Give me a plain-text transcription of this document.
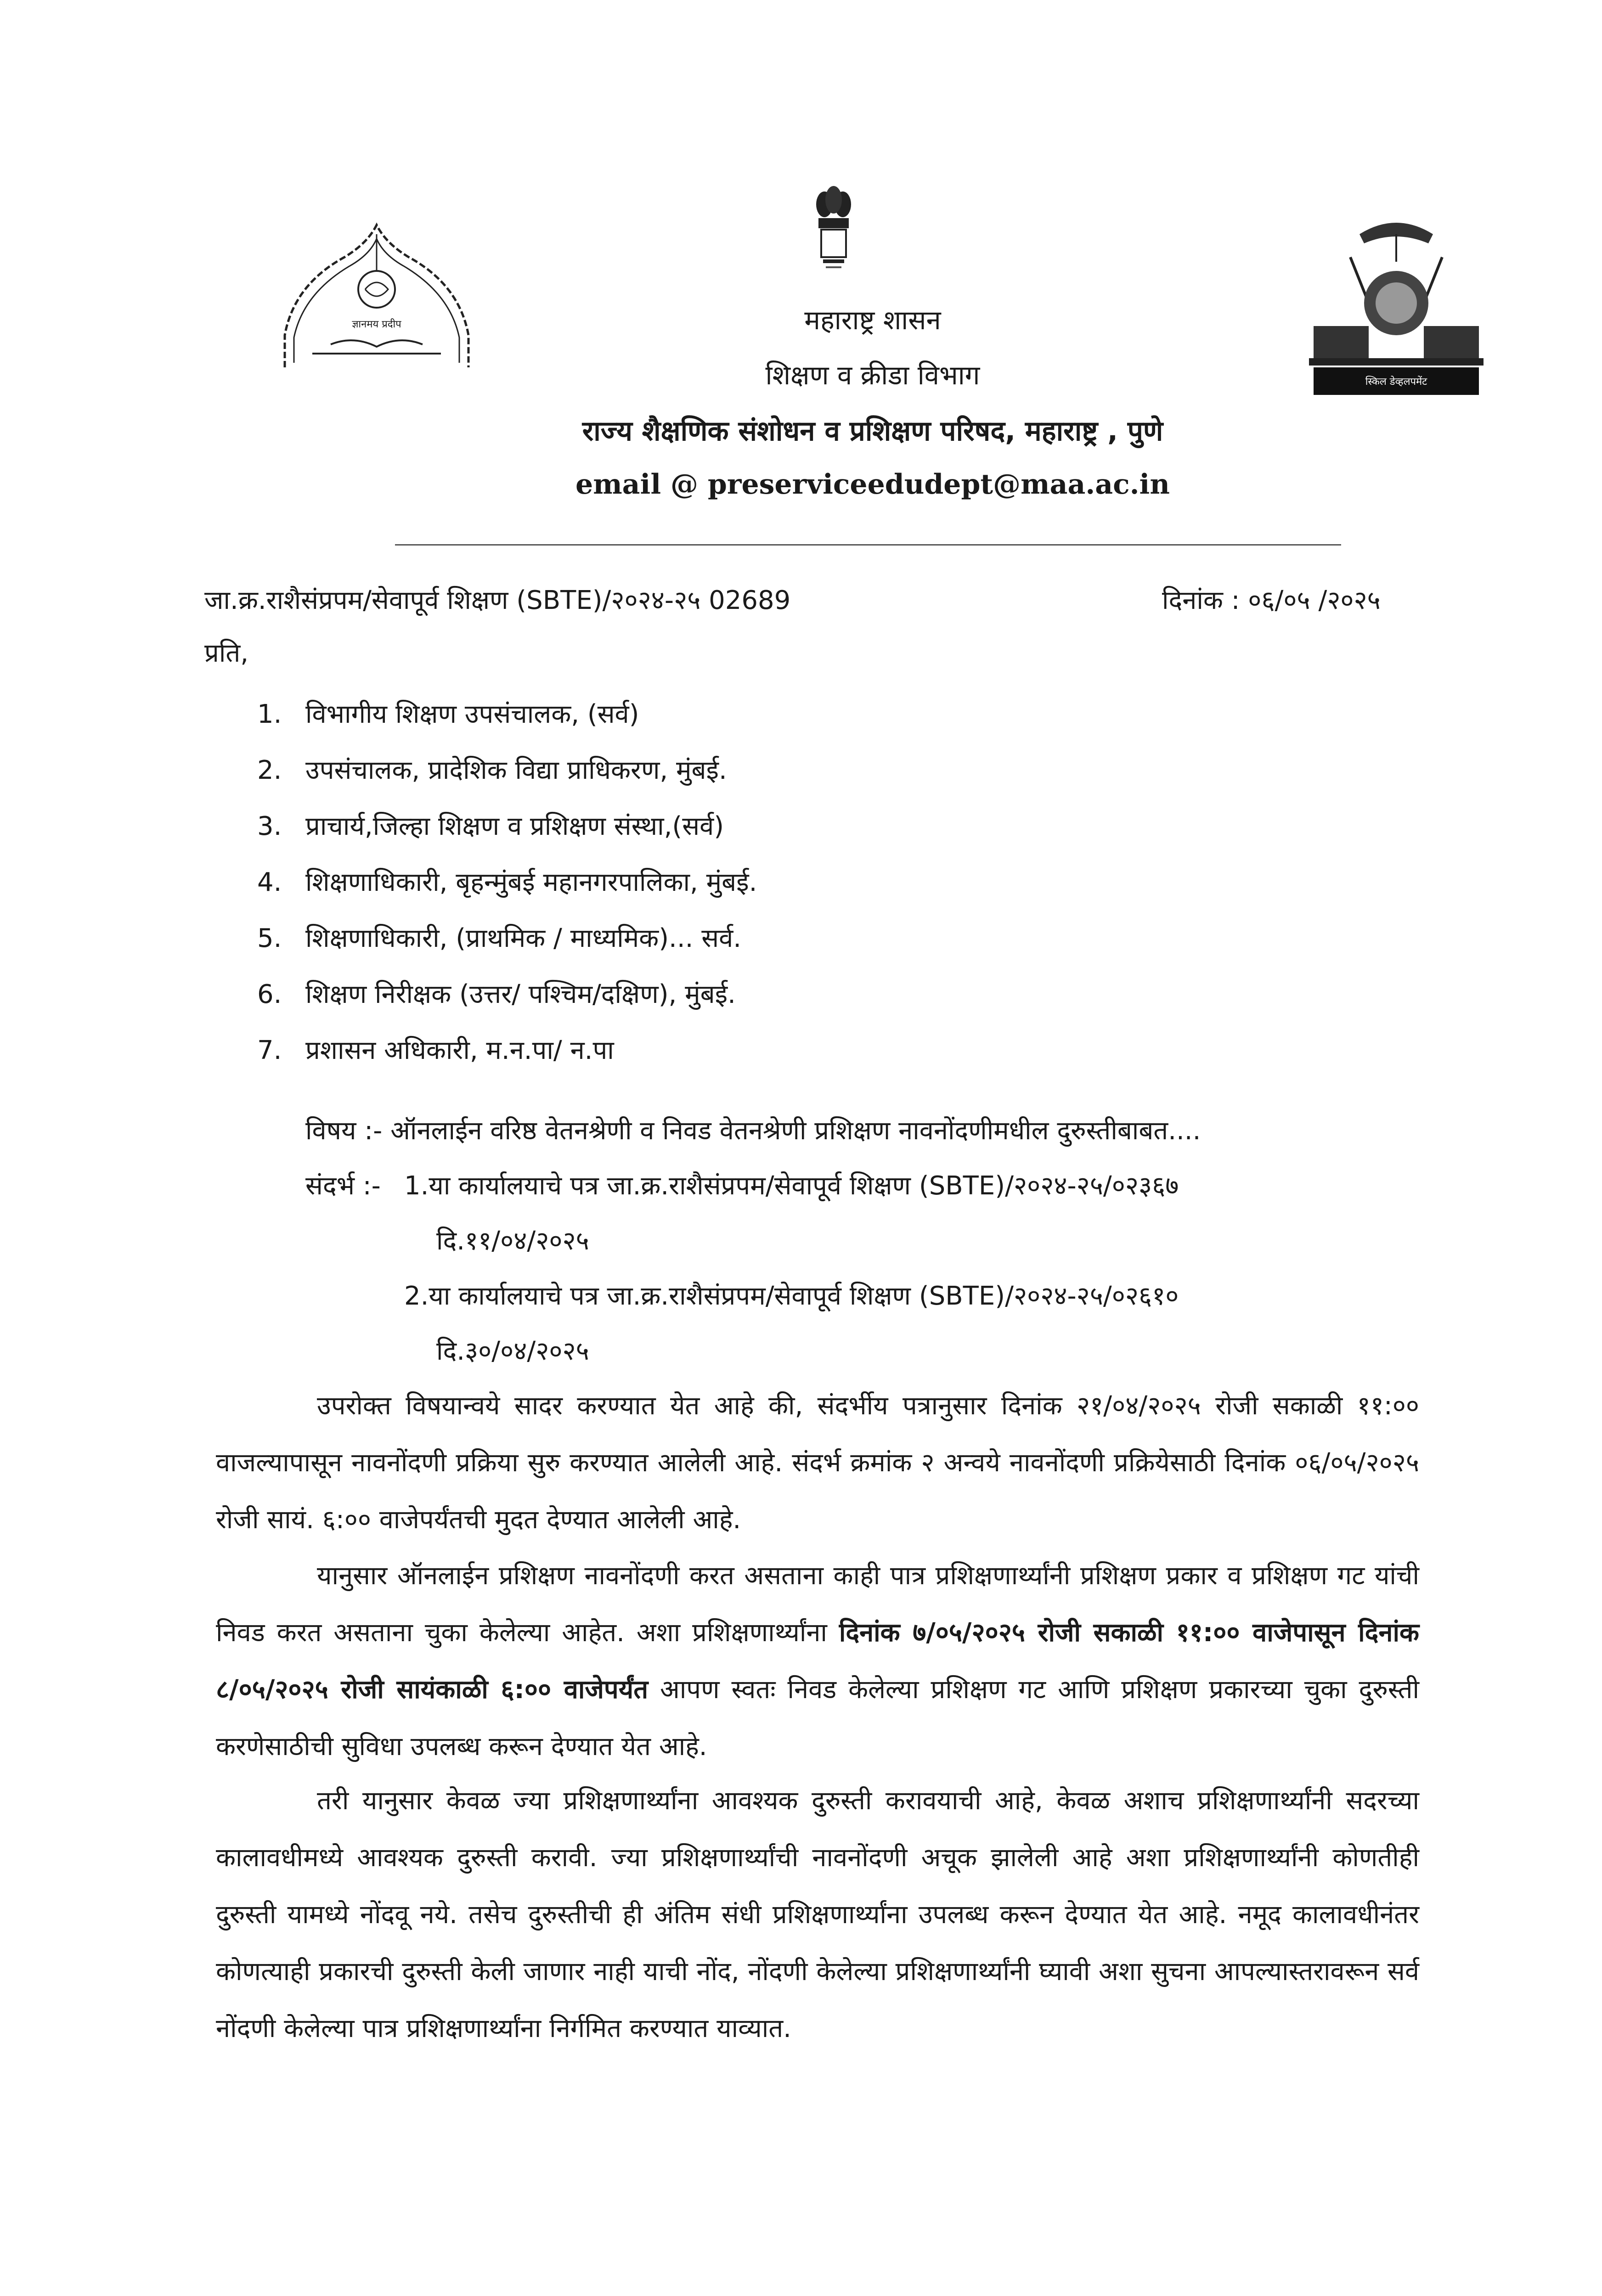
ज्ञानमय प्रदीप
स्किल डेव्हलपमेंट
महाराष्ट्र शासन
शिक्षण व क्रीडा विभाग
राज्य शैक्षणिक संशोधन व प्रशिक्षण परिषद, महाराष्ट्र , पुणे
email @ preserviceedudept@maa.ac.in
जा.क्र.राशैसंप्रपम/सेवापूर्व शिक्षण (SBTE)/२०२४-२५ 02689	दिनांक : ०६/०५ /२०२५
प्रति,
1. विभागीय शिक्षण उपसंचालक, (सर्व)
2. उपसंचालक, प्रादेशिक विद्या प्राधिकरण, मुंबई.
3. प्राचार्य,जिल्हा शिक्षण व प्रशिक्षण संस्था,(सर्व)
4. शिक्षणाधिकारी, बृहन्मुंबई महानगरपालिका, मुंबई.
5. शिक्षणाधिकारी, (प्राथमिक / माध्यमिक)... सर्व.
6. शिक्षण निरीक्षक (उत्तर/ पश्चिम/दक्षिण), मुंबई.
7. प्रशासन अधिकारी, म.न.पा/ न.पा
विषय :- ऑनलाईन वरिष्ठ वेतनश्रेणी व निवड वेतनश्रेणी प्रशिक्षण नावनोंदणीमधील दुरुस्तीबाबत....
संदर्भ :- 1.या कार्यालयाचे पत्र जा.क्र.राशैसंप्रपम/सेवापूर्व शिक्षण (SBTE)/२०२४-२५/०२३६७
दि.११/०४/२०२५
2.या कार्यालयाचे पत्र जा.क्र.राशैसंप्रपम/सेवापूर्व शिक्षण (SBTE)/२०२४-२५/०२६१०
दि.३०/०४/२०२५
उपरोक्त विषयान्वये सादर करण्यात येत आहे की, संदर्भीय पत्रानुसार दिनांक २१/०४/२०२५ रोजी सकाळी ११:०० वाजल्यापासून नावनोंदणी प्रक्रिया सुरु करण्यात आलेली आहे. संदर्भ क्रमांक २ अन्वये नावनोंदणी प्रक्रियेसाठी दिनांक ०६/०५/२०२५ रोजी सायं. ६:०० वाजेपर्यंतची मुदत देण्यात आलेली आहे.
यानुसार ऑनलाईन प्रशिक्षण नावनोंदणी करत असताना काही पात्र प्रशिक्षणार्थ्यांनी प्रशिक्षण प्रकार व प्रशिक्षण गट यांची निवड करत असताना चुका केलेल्या आहेत. अशा प्रशिक्षणार्थ्यांना दिनांक ७/०५/२०२५ रोजी सकाळी ११:०० वाजेपासून दिनांक ८/०५/२०२५ रोजी सायंकाळी ६:०० वाजेपर्यंत आपण स्वतः निवड केलेल्या प्रशिक्षण गट आणि प्रशिक्षण प्रकारच्या चुका दुरुस्ती करणेसाठीची सुविधा उपलब्ध करून देण्यात येत आहे.
तरी यानुसार केवळ ज्या प्रशिक्षणार्थ्यांना आवश्यक दुरुस्ती करावयाची आहे, केवळ अशाच प्रशिक्षणार्थ्यांनी सदरच्या कालावधीमध्ये आवश्यक दुरुस्ती करावी. ज्या प्रशिक्षणार्थ्यांची नावनोंदणी अचूक झालेली आहे अशा प्रशिक्षणार्थ्यांनी कोणतीही दुरुस्ती यामध्ये नोंदवू नये. तसेच दुरुस्तीची ही अंतिम संधी प्रशिक्षणार्थ्यांना उपलब्ध करून देण्यात येत आहे. नमूद कालावधीनंतर कोणत्याही प्रकारची दुरुस्ती केली जाणार नाही याची नोंद, नोंदणी केलेल्या प्रशिक्षणार्थ्यांनी घ्यावी अशा सुचना आपल्यास्तरावरून सर्व नोंदणी केलेल्या पात्र प्रशिक्षणार्थ्यांना निर्गमित करण्यात याव्यात.
